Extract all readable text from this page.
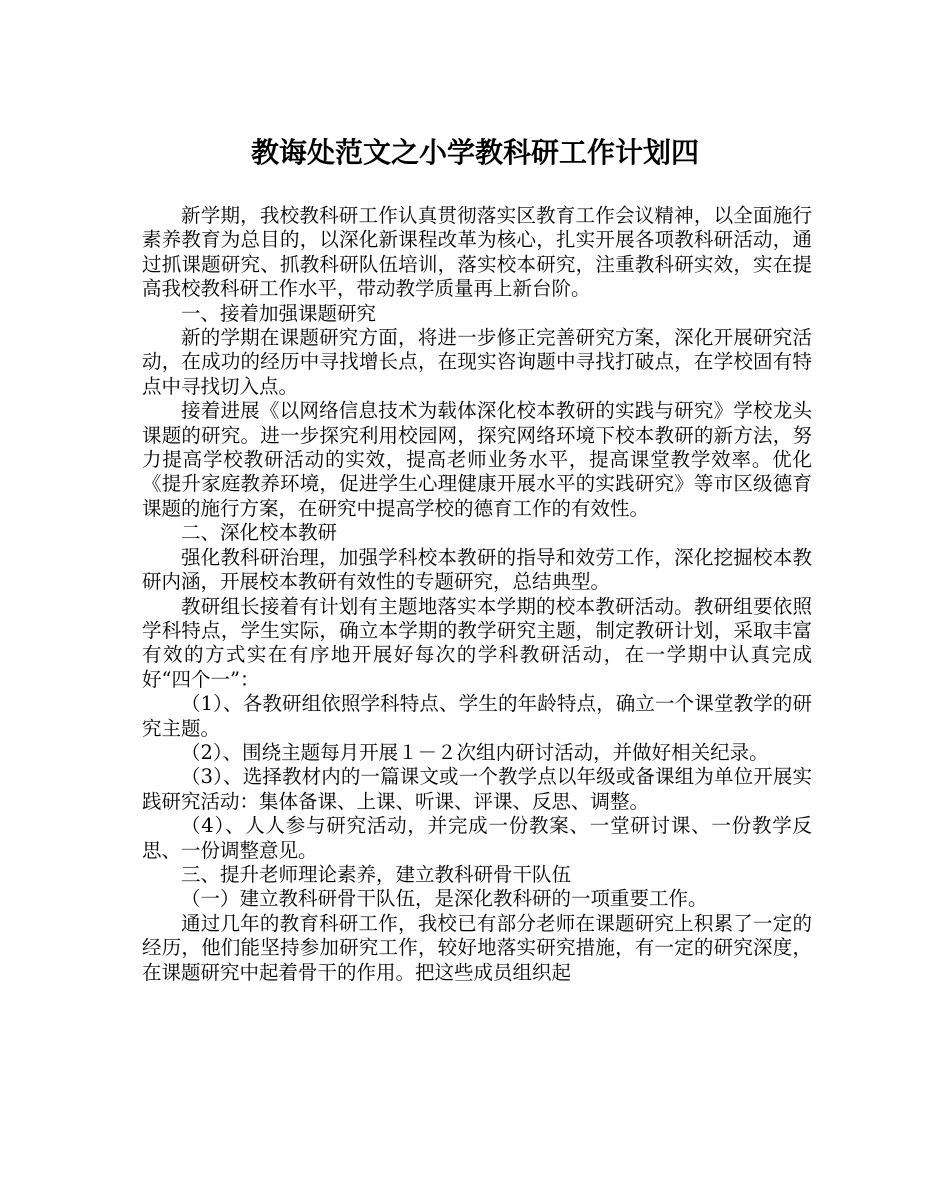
教诲处范文之小学教科研工作计划四

新学期，我校教科研工作认真贯彻落实区教育工作会议精神，以全面施行素养教育为总目的，以深化新课程改革为核心，扎实开展各项教科研活动，通过抓课题研究、抓教科研队伍培训，落实校本研究，注重教科研实效，实在提高我校教科研工作水平，带动教学质量再上新台阶。

一、接着加强课题研究

新的学期在课题研究方面，将进一步修正完善研究方案，深化开展研究活动，在成功的经历中寻找增长点，在现实咨询题中寻找打破点，在学校固有特点中寻找切入点。

接着进展《以网络信息技术为载体深化校本教研的实践与研究》学校龙头课题的研究。进一步探究利用校园网，探究网络环境下校本教研的新方法，努力提高学校教研活动的实效，提高老师业务水平，提高课堂教学效率。优化《提升家庭教养环境，促进学生心理健康开展水平的实践研究》等市区级德育课题的施行方案，在研究中提高学校的德育工作的有效性。

二、深化校本教研

强化教科研治理，加强学科校本教研的指导和效劳工作，深化挖掘校本教研内涵，开展校本教研有效性的专题研究，总结典型。

教研组长接着有计划有主题地落实本学期的校本教研活动。教研组要依照学科特点，学生实际，确立本学期的教学研究主题，制定教研计划，采取丰富有效的方式实在有序地开展好每次的学科教研活动，在一学期中认真完成好“四个一”：

（1）、各教研组依照学科特点、学生的年龄特点，确立一个课堂教学的研究主题。

（2）、围绕主题每月开展１－２次组内研讨活动，并做好相关纪录。

（3）、选择教材内的一篇课文或一个教学点以年级或备课组为单位开展实践研究活动：集体备课、上课、听课、评课、反思、调整。

（4）、人人参与研究活动，并完成一份教案、一堂研讨课、一份教学反思、一份调整意见。

三、提升老师理论素养，建立教科研骨干队伍

（一）建立教科研骨干队伍，是深化教科研的一项重要工作。

通过几年的教育科研工作，我校已有部分老师在课题研究上积累了一定的经历，他们能坚持参加研究工作，较好地落实研究措施，有一定的研究深度，在课题研究中起着骨干的作用。把这些成员组织起
